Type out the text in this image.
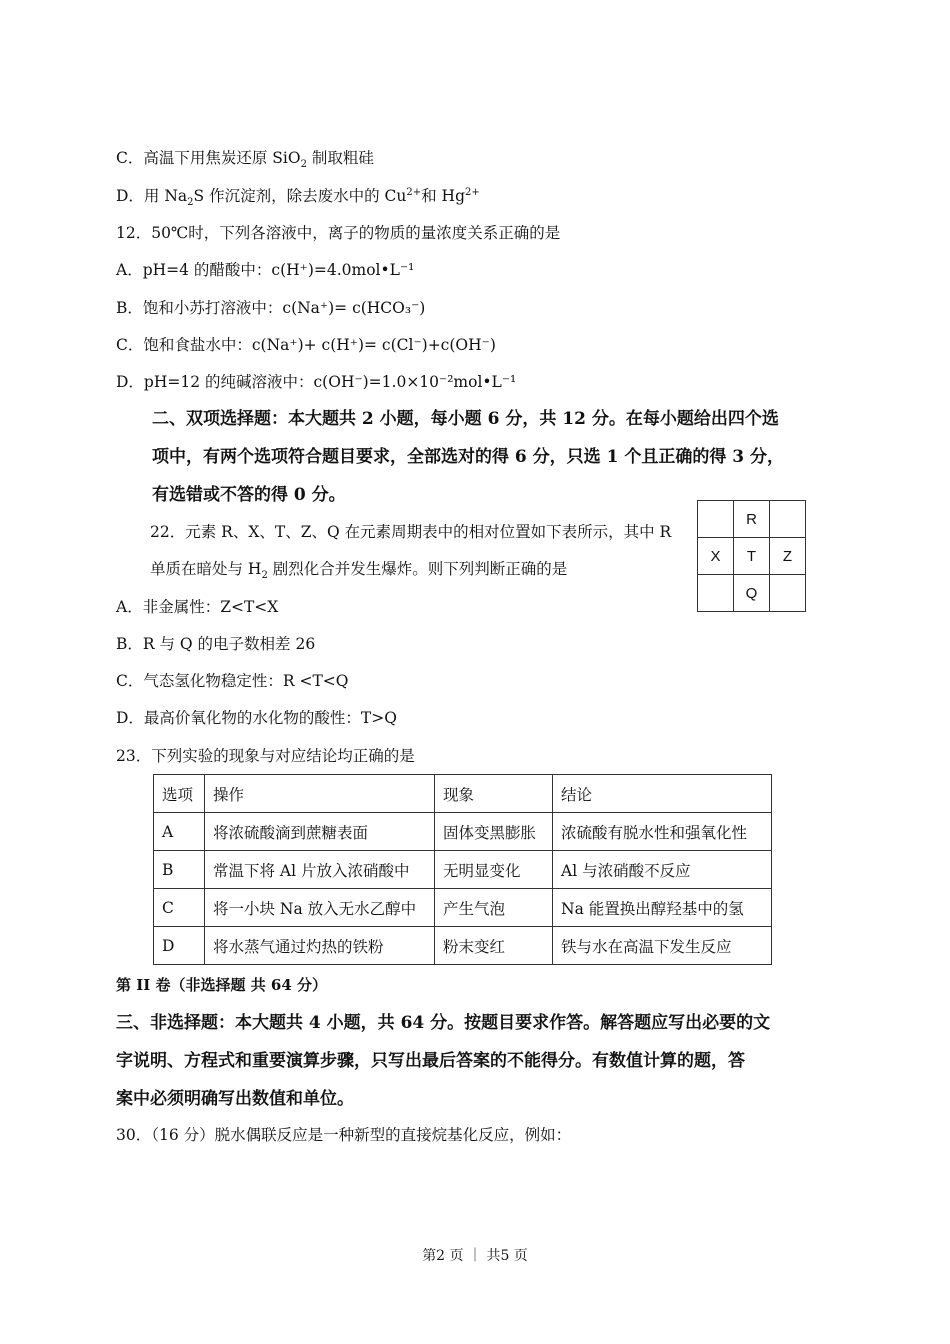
C．高温下用焦炭还原 SiO$_2$ 制取粗硅
D．用 $Na_2S$ 作沉淀剂，除去废水中的 $Cu^{2+}$和 $Hg^{2+}$
12．50℃时，下列各溶液中，离子的物质的量浓度关系正确的是
A．pH=4 的醋酸中：c(H⁺)=4.0mol•L⁻¹
B．饱和小苏打溶液中：c(Na⁺)= c(HCO₃⁻)
C．饱和食盐水中：c(Na⁺)+ c(H⁺)= c(Cl⁻)+c(OH⁻)
D．pH=12 的纯碱溶液中：c(OH⁻)=1.0×10⁻²mol•L⁻¹
二、双项选择题：本大题共 2 小题，每小题 6 分，共 12 分。在每小题给出四个选
项中，有两个选项符合题目要求，全部选对的得 6 分，只选 1 个且正确的得 3 分，
有选错或不答的得 0 分。
	R	
X	T	Z
	Q	
22．元素 R、X、T、Z、Q 在元素周期表中的相对位置如下表所示，其中 R
单质在暗处与 $H_2$ 剧烈化合并发生爆炸。则下列判断正确的是
A．非金属性：Z<T<X
B．R 与 Q 的电子数相差 26
C．气态氢化物稳定性：R <T<Q
D．最高价氧化物的水化物的酸性：T>Q
23．下列实验的现象与对应结论均正确的是
选项	操作	现象	结论
A	将浓硫酸滴到蔗糖表面	固体变黑膨胀	浓硫酸有脱水性和强氧化性
B	常温下将 Al 片放入浓硝酸中	无明显变化	Al 与浓硝酸不反应
C	将一小块 Na 放入无水乙醇中	产生气泡	Na 能置换出醇羟基中的氢
D	将水蒸气通过灼热的铁粉	粉末变红	铁与水在高温下发生反应
第 II 卷（非选择题 共 64 分）
三、非选择题：本大题共 4 小题，共 64 分。按题目要求作答。解答题应写出必要的文
字说明、方程式和重要演算步骤，只写出最后答案的不能得分。有数值计算的题，答
案中必须明确写出数值和单位。
30．（16 分）脱水偶联反应是一种新型的直接烷基化反应，例如：
第2 页 ｜ 共5 页
